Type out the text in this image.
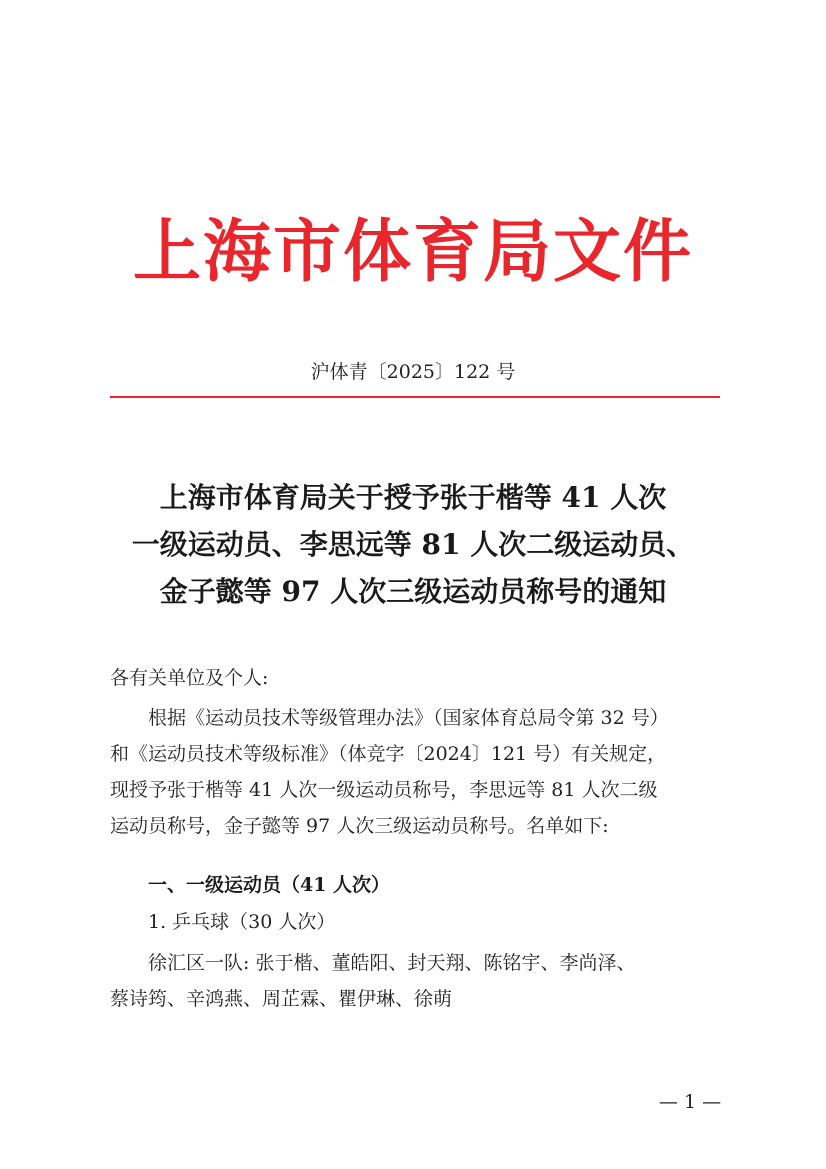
上海市体育局文件
沪体青〔2025〕122 号
上海市体育局关于授予张于楷等 41 人次
一级运动员、李思远等 81 人次二级运动员、
金子懿等 97 人次三级运动员称号的通知
各有关单位及个人:
根据《运动员技术等级管理办法》（国家体育总局令第 32 号）
和《运动员技术等级标准》（体竞字〔2024〕121 号）有关规定，
现授予张于楷等 41 人次一级运动员称号，李思远等 81 人次二级
运动员称号，金子懿等 97 人次三级运动员称号。名单如下:
一、一级运动员（41 人次）
1. 乒乓球（30 人次）
徐汇区一队: 张于楷、董皓阳、封天翔、陈铭宇、李尚泽、
蔡诗筠、辛鸿燕、周芷霖、瞿伊琳、徐萌
— 1 —
